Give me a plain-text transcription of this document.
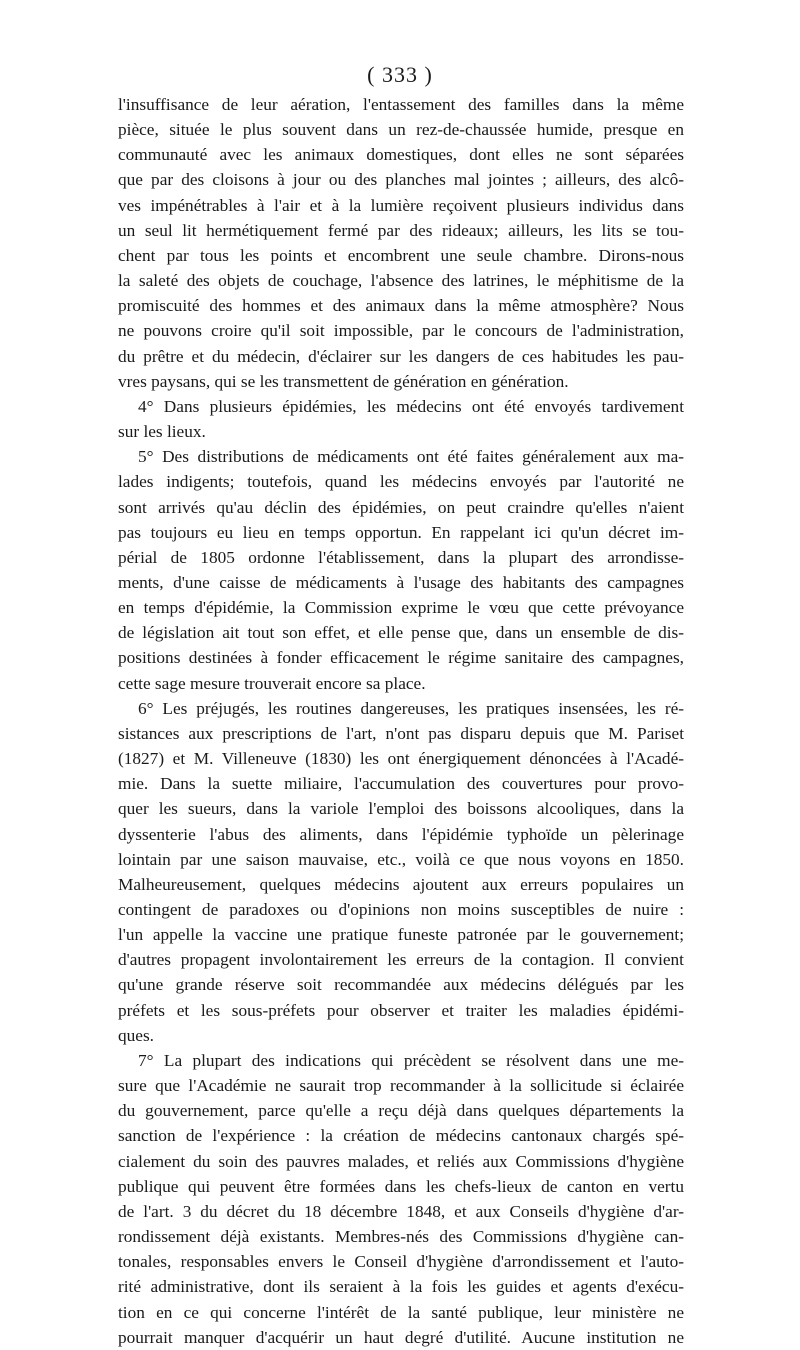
( 333 )
l'insuffisance de leur aération, l'entassement des familles dans la même
pièce, située le plus souvent dans un rez-de-chaussée humide, presque en
communauté avec les animaux domestiques, dont elles ne sont séparées
que par des cloisons à jour ou des planches mal jointes ; ailleurs, des alcô-
ves impénétrables à l'air et à la lumière reçoivent plusieurs individus dans
un seul lit hermétiquement fermé par des rideaux; ailleurs, les lits se tou-
chent par tous les points et encombrent une seule chambre. Dirons-nous
la saleté des objets de couchage, l'absence des latrines, le méphitisme de la
promiscuité des hommes et des animaux dans la même atmosphère? Nous
ne pouvons croire qu'il soit impossible, par le concours de l'administration,
du prêtre et du médecin, d'éclairer sur les dangers de ces habitudes les pau-
vres paysans, qui se les transmettent de génération en génération.
4° Dans plusieurs épidémies, les médecins ont été envoyés tardivement
sur les lieux.
5° Des distributions de médicaments ont été faites généralement aux ma-
lades indigents; toutefois, quand les médecins envoyés par l'autorité ne
sont arrivés qu'au déclin des épidémies, on peut craindre qu'elles n'aient
pas toujours eu lieu en temps opportun. En rappelant ici qu'un décret im-
périal de 1805 ordonne l'établissement, dans la plupart des arrondisse-
ments, d'une caisse de médicaments à l'usage des habitants des campagnes
en temps d'épidémie, la Commission exprime le vœu que cette prévoyance
de législation ait tout son effet, et elle pense que, dans un ensemble de dis-
positions destinées à fonder efficacement le régime sanitaire des campagnes,
cette sage mesure trouverait encore sa place.
6° Les préjugés, les routines dangereuses, les pratiques insensées, les ré-
sistances aux prescriptions de l'art, n'ont pas disparu depuis que M. Pariset
(1827) et M. Villeneuve (1830) les ont énergiquement dénoncées à l'Acadé-
mie. Dans la suette miliaire, l'accumulation des couvertures pour provo-
quer les sueurs, dans la variole l'emploi des boissons alcooliques, dans la
dyssenterie l'abus des aliments, dans l'épidémie typhoïde un pèlerinage
lointain par une saison mauvaise, etc., voilà ce que nous voyons en 1850.
Malheureusement, quelques médecins ajoutent aux erreurs populaires un
contingent de paradoxes ou d'opinions non moins susceptibles de nuire :
l'un appelle la vaccine une pratique funeste patronée par le gouvernement;
d'autres propagent involontairement les erreurs de la contagion. Il convient
qu'une grande réserve soit recommandée aux médecins délégués par les
préfets et les sous-préfets pour observer et traiter les maladies épidémi-
ques.
7° La plupart des indications qui précèdent se résolvent dans une me-
sure que l'Académie ne saurait trop recommander à la sollicitude si éclairée
du gouvernement, parce qu'elle a reçu déjà dans quelques départements la
sanction de l'expérience : la création de médecins cantonaux chargés spé-
cialement du soin des pauvres malades, et reliés aux Commissions d'hygiène
publique qui peuvent être formées dans les chefs-lieux de canton en vertu
de l'art. 3 du décret du 18 décembre 1848, et aux Conseils d'hygiène d'ar-
rondissement déjà existants. Membres-nés des Commissions d'hygiène can-
tonales, responsables envers le Conseil d'hygiène d'arrondissement et l'auto-
rité administrative, dont ils seraient à la fois les guides et agents d'exécu-
tion en ce qui concerne l'intérêt de la santé publique, leur ministère ne
pourrait manquer d'acquérir un haut degré d'utilité. Aucune institution ne
